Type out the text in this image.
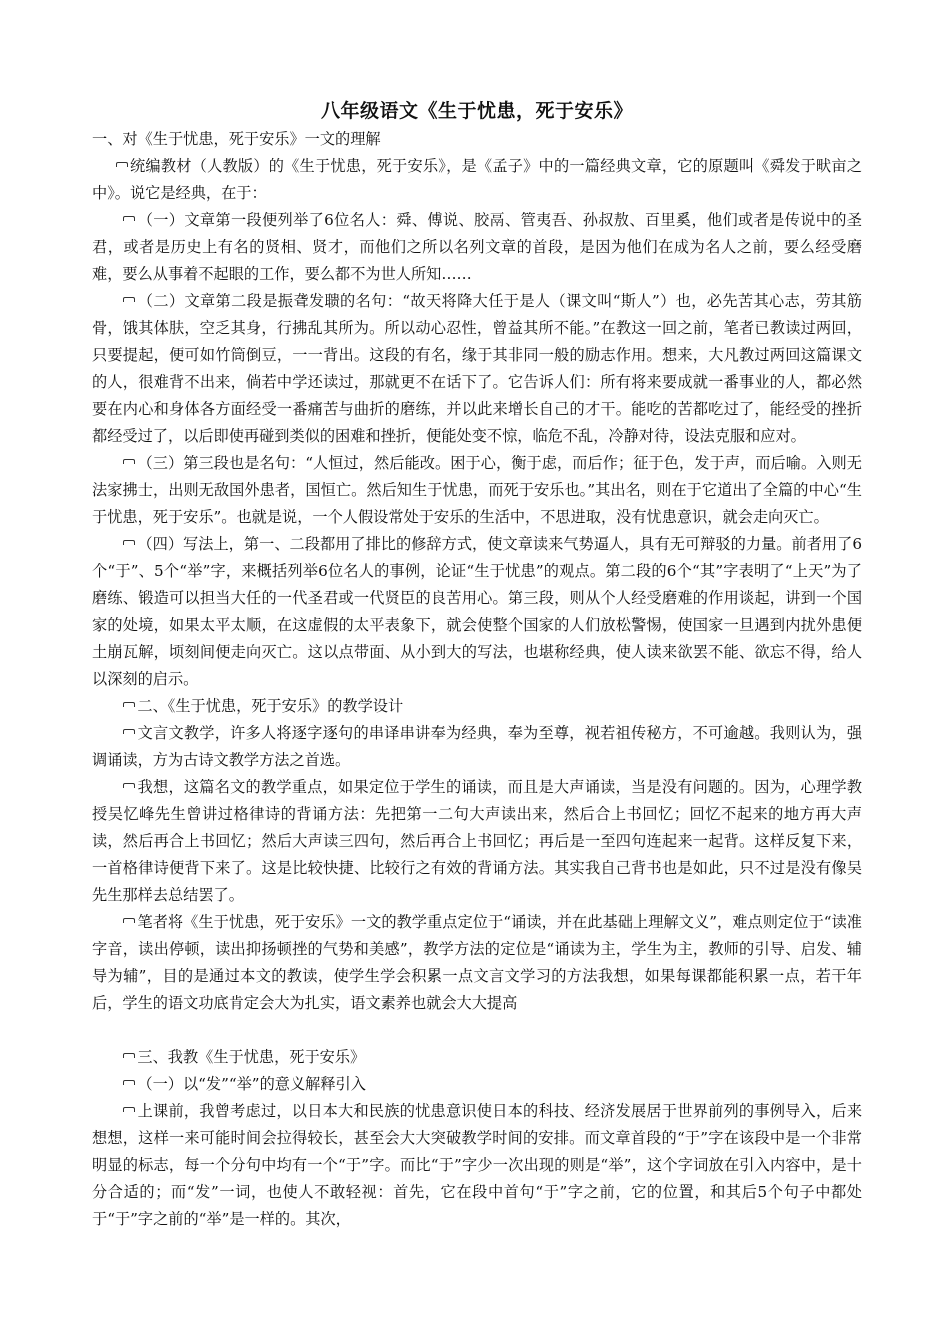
八年级语文《生于忧患，死于安乐》

一、对《生于忧患，死于安乐》一文的理解

统编教材（人教版）的《生于忧患，死于安乐》，是《孟子》中的一篇经典文章，它的原题叫《舜发于畎亩之中》。说它是经典，在于：

（一）文章第一段便列举了6位名人：舜、傅说、胶鬲、管夷吾、孙叔敖、百里奚，他们或者是传说中的圣君，或者是历史上有名的贤相、贤才，而他们之所以名列文章的首段，是因为他们在成为名人之前，要么经受磨难，要么从事着不起眼的工作，要么都不为世人所知……

（二）文章第二段是振聋发聩的名句：“故天将降大任于是人（课文叫“斯人”）也，必先苦其心志，劳其筋骨，饿其体肤，空乏其身，行拂乱其所为。所以动心忍性，曾益其所不能。”在教这一回之前，笔者已教读过两回，只要提起，便可如竹筒倒豆，一一背出。这段的有名，缘于其非同一般的励志作用。想来，大凡教过两回这篇课文的人，很难背不出来，倘若中学还读过，那就更不在话下了。它告诉人们：所有将来要成就一番事业的人，都必然要在内心和身体各方面经受一番痛苦与曲折的磨练，并以此来增长自己的才干。能吃的苦都吃过了，能经受的挫折都经受过了，以后即使再碰到类似的困难和挫折，便能处变不惊，临危不乱，冷静对待，设法克服和应对。

（三）第三段也是名句：“人恒过，然后能改。困于心，衡于虑，而后作；征于色，发于声，而后喻。入则无法家拂士，出则无敌国外患者，国恒亡。然后知生于忧患，而死于安乐也。”其出名，则在于它道出了全篇的中心“生于忧患，死于安乐”。也就是说，一个人假设常处于安乐的生活中，不思进取，没有忧患意识，就会走向灭亡。

（四）写法上，第一、二段都用了排比的修辞方式，使文章读来气势逼人，具有无可辩驳的力量。前者用了6个“于”、5个“举”字，来概括列举6位名人的事例，论证“生于忧患”的观点。第二段的6个“其”字表明了“上天”为了磨练、锻造可以担当大任的一代圣君或一代贤臣的良苦用心。第三段，则从个人经受磨难的作用谈起，讲到一个国家的处境，如果太平太顺，在这虚假的太平表象下，就会使整个国家的人们放松警惕，使国家一旦遇到内扰外患便土崩瓦解，顷刻间便走向灭亡。这以点带面、从小到大的写法，也堪称经典，使人读来欲罢不能、欲忘不得，给人以深刻的启示。

二、《生于忧患，死于安乐》的教学设计

文言文教学，许多人将逐字逐句的串译串讲奉为经典，奉为至尊，视若祖传秘方，不可逾越。我则认为，强调诵读，方为古诗文教学方法之首选。

我想，这篇名文的教学重点，如果定位于学生的诵读，而且是大声诵读，当是没有问题的。因为，心理学教授吴忆峰先生曾讲过格律诗的背诵方法：先把第一二句大声读出来，然后合上书回忆；回忆不起来的地方再大声读，然后再合上书回忆；然后大声读三四句，然后再合上书回忆；再后是一至四句连起来一起背。这样反复下来，一首格律诗便背下来了。这是比较快捷、比较行之有效的背诵方法。其实我自己背书也是如此，只不过是没有像吴先生那样去总结罢了。

笔者将《生于忧患，死于安乐》一文的教学重点定位于“诵读，并在此基础上理解文义”，难点则定位于“读准字音，读出停顿，读出抑扬顿挫的气势和美感”，教学方法的定位是“诵读为主，学生为主，教师的引导、启发、辅导为辅”，目的是通过本文的教读，使学生学会积累一点文言文学习的方法我想，如果每课都能积累一点，若干年后，学生的语文功底肯定会大为扎实，语文素养也就会大大提高

三、我教《生于忧患，死于安乐》

（一）以“发”“举”的意义解释引入

上课前，我曾考虑过，以日本大和民族的忧患意识使日本的科技、经济发展居于世界前列的事例导入，后来想想，这样一来可能时间会拉得较长，甚至会大大突破教学时间的安排。而文章首段的“于”字在该段中是一个非常明显的标志，每一个分句中均有一个“于”字。而比“于”字少一次出现的则是“举”，这个字词放在引入内容中，是十分合适的；而“发”一词，也使人不敢轻视：首先，它在段中首句“于”字之前，它的位置，和其后5个句子中都处于“于”字之前的“举”是一样的。其次，
